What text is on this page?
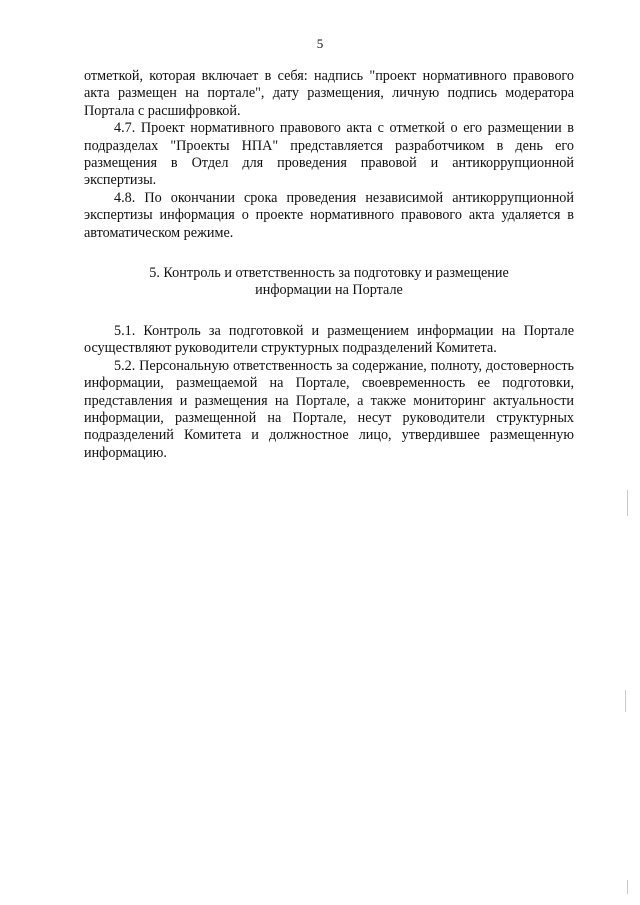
5

отметкой, которая включает в себя: надпись "проект нормативного правового акта размещен на портале", дату размещения, личную подпись модератора Портала с расшифровкой.

4.7. Проект нормативного правового акта с отметкой о его размещении в подразделах "Проекты НПА" представляется разработчиком в день его размещения в Отдел для проведения правовой и антикоррупционной экспертизы.

4.8. По окончании срока проведения независимой антикоррупционной экспертизы информация о проекте нормативного правового акта удаляется в автоматическом режиме.

5. Контроль и ответственность за подготовку и размещение информации на Портале

5.1. Контроль за подготовкой и размещением информации на Портале осуществляют руководители структурных подразделений Комитета.

5.2. Персональную ответственность за содержание, полноту, достоверность информации, размещаемой на Портале, своевременность ее подготовки, представления и размещения на Портале, а также мониторинг актуальности информации, размещенной на Портале, несут руководители структурных подразделений Комитета и должностное лицо, утвердившее размещенную информацию.
